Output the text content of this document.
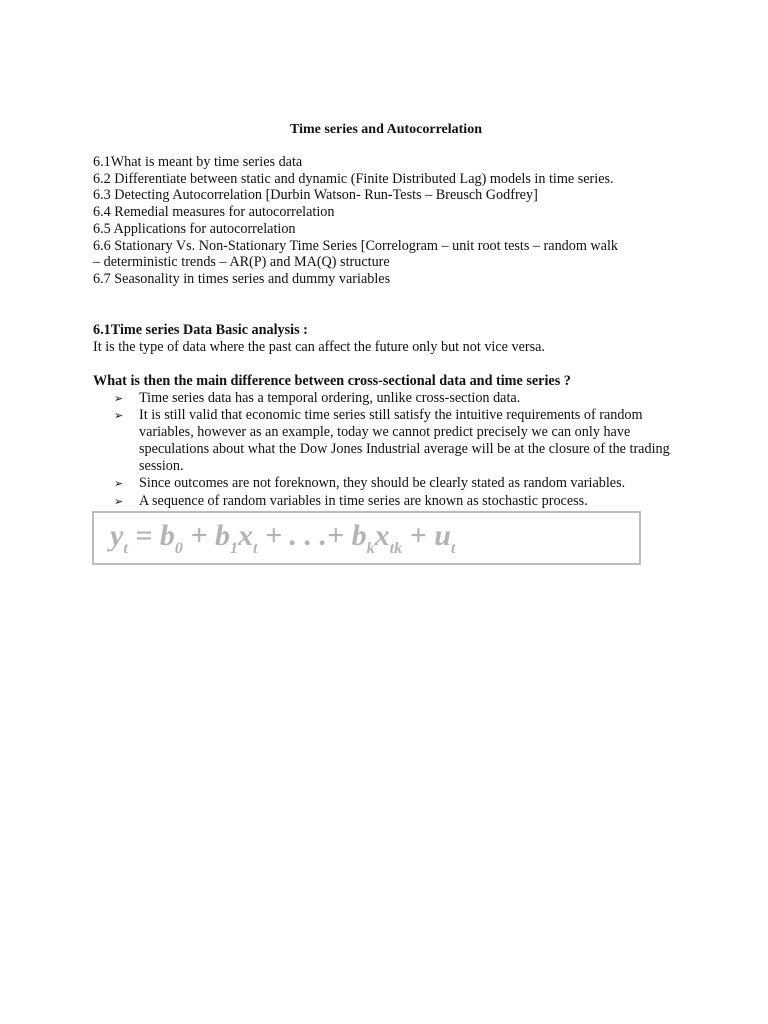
Time series and Autocorrelation
6.1What is meant by time series data
6.2 Differentiate between static and dynamic (Finite Distributed Lag) models in time series.
6.3 Detecting Autocorrelation [Durbin Watson- Run-Tests – Breusch Godfrey]
6.4 Remedial measures for autocorrelation
6.5 Applications for autocorrelation
6.6 Stationary Vs. Non-Stationary Time Series [Correlogram – unit root tests – random walk
– deterministic trends – AR(P) and MA(Q) structure
6.7 Seasonality in times series and dummy variables
6.1Time series Data Basic analysis :
It is the type of data where the past can affect the future only but not vice versa.
What is then the main difference between cross-sectional data and time series ?
➢ Time series data has a temporal ordering, unlike cross-section data.
➢ It is still valid that economic time series still satisfy the intuitive requirements of random variables, however as an example, today we cannot predict precisely we can only have speculations about what the Dow Jones Industrial average will be at the closure of the trading session.
➢ Since outcomes are not foreknown, they should be clearly stated as random variables.
➢ A sequence of random variables in time series are known as stochastic process.
$y_t = b_0 + b_1x_t$ + . . .+ $b_kx_{tk} + u_t$
